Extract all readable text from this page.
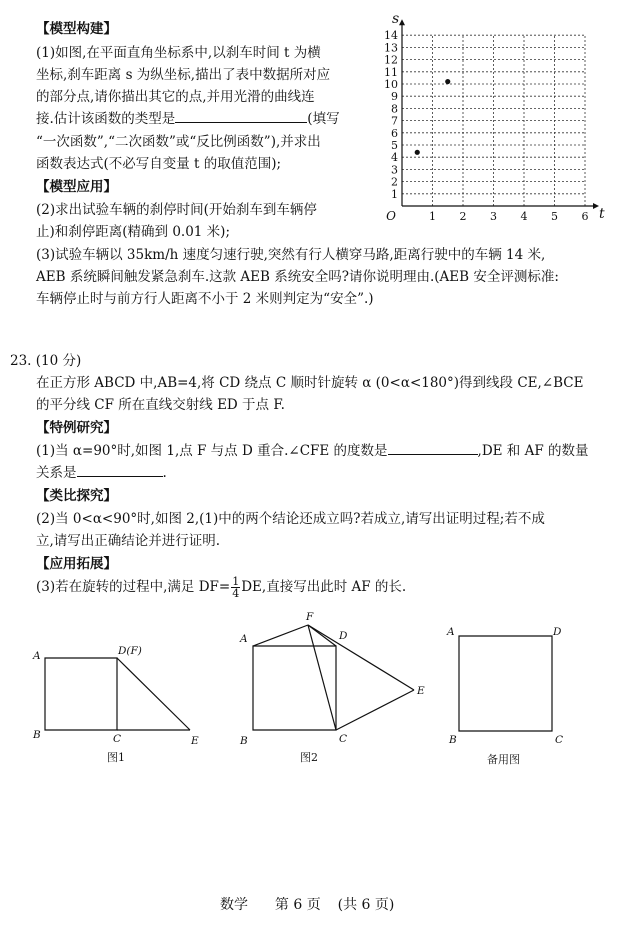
【模型构建】
(1)如图,在平面直角坐标系中,以刹车时间 t 为横
坐标,刹车距离 s 为纵坐标,描出了表中数据所对应
的部分点,请你描出其它的点,并用光滑的曲线连
接.估计该函数的类型是	(填写
“一次函数”,“二次函数”或“反比例函数”),并求出
函数表达式(不必写自变量 t 的取值范围);
【模型应用】
(2)求出试验车辆的刹停时间(开始刹车到车辆停
止)和刹停距离(精确到 0.01 米);
(3)试验车辆以 35km/h 速度匀速行驶,突然有行人横穿马路,距离行驶中的车辆 14 米,
AEB 系统瞬间触发紧急刹车.这款 AEB 系统安全吗?请你说明理由.(AEB 安全评测标准:
车辆停止时与前方行人距离不小于 2 米则判定为“安全”.)
1
2
3
4
5
6
7
8
9
10
11
12
13
14
1 2 3 4 5 6
O	t
s
23. (10 分)
在正方形 ABCD 中,AB=4,将 CD 绕点 C 顺时针旋转 α (0<α<180°)得到线段 CE,∠BCE
的平分线 CF 所在直线交射线 ED 于点 F.
【特例研究】
(1)当 α=90°时,如图 1,点 F 与点 D 重合.∠CFE 的度数是	,DE 和 AF 的数量
关系是	.
【类比探究】
(2)当 0<α<90°时,如图 2,(1)中的两个结论还成立吗?若成立,请写出证明过程;若不成
立,请写出正确结论并进行证明.
【应用拓展】
(3)若在旋转的过程中,满足 $DF= \frac{1}{4}$ DE,直接写出此时 AF 的长.
A	D(F)
B	C	E
图1
A
F
D
B	C
E
图2
A	D
B	C
备用图
数学 第 6 页 (共 6 页)
